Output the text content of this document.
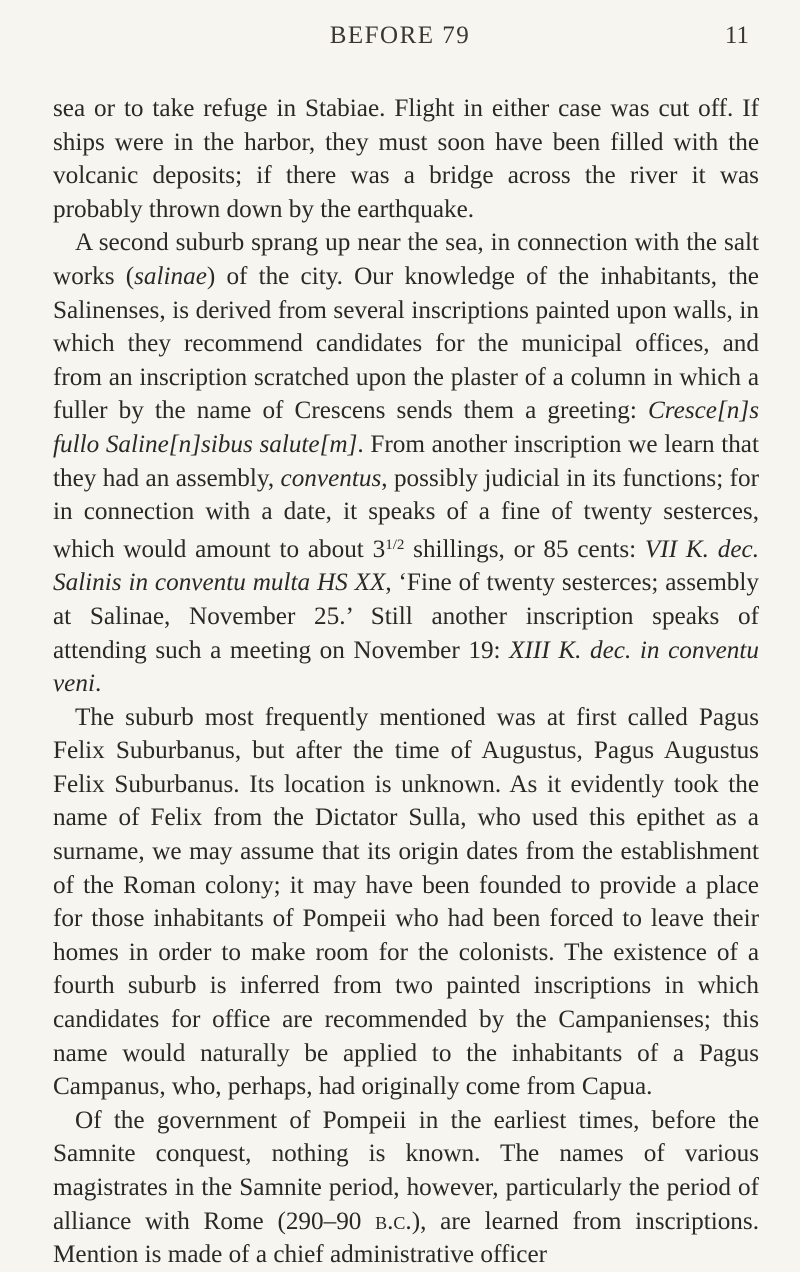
BEFORE 79	11

sea or to take refuge in Stabiae. Flight in either case was cut off. If ships were in the harbor, they must soon have been filled with the volcanic deposits; if there was a bridge across the river it was probably thrown down by the earthquake.

A second suburb sprang up near the sea, in connection with the salt works (salinae) of the city. Our knowledge of the inhabitants, the Salinenses, is derived from several inscriptions painted upon walls, in which they recommend candidates for the municipal offices, and from an inscription scratched upon the plaster of a column in which a fuller by the name of Crescens sends them a greeting: Cresce[n]s fullo Saline[n]sibus salute[m]. From another inscription we learn that they had an assembly, conventus, possibly judicial in its functions; for in connection with a date, it speaks of a fine of twenty sesterces, which would amount to about $3^{1/2}$ shillings, or 85 cents: VII K. dec. Salinis in conventu multa HS XX, ‘Fine of twenty sesterces; assembly at Salinae, November 25.’ Still another inscription speaks of attending such a meeting on November 19: XIII K. dec. in conventu veni.

The suburb most frequently mentioned was at first called Pagus Felix Suburbanus, but after the time of Augustus, Pagus Augustus Felix Suburbanus. Its location is unknown. As it evidently took the name of Felix from the Dictator Sulla, who used this epithet as a surname, we may assume that its origin dates from the establishment of the Roman colony; it may have been founded to provide a place for those inhabitants of Pompeii who had been forced to leave their homes in order to make room for the colonists. The existence of a fourth suburb is inferred from two painted inscriptions in which candidates for office are recommended by the Campanienses; this name would naturally be applied to the inhabitants of a Pagus Campanus, who, perhaps, had originally come from Capua.

Of the government of Pompeii in the earliest times, before the Samnite conquest, nothing is known. The names of various magistrates in the Samnite period, however, particularly the period of alliance with Rome (290–90 b.c.), are learned from inscriptions. Mention is made of a chief administrative officer
